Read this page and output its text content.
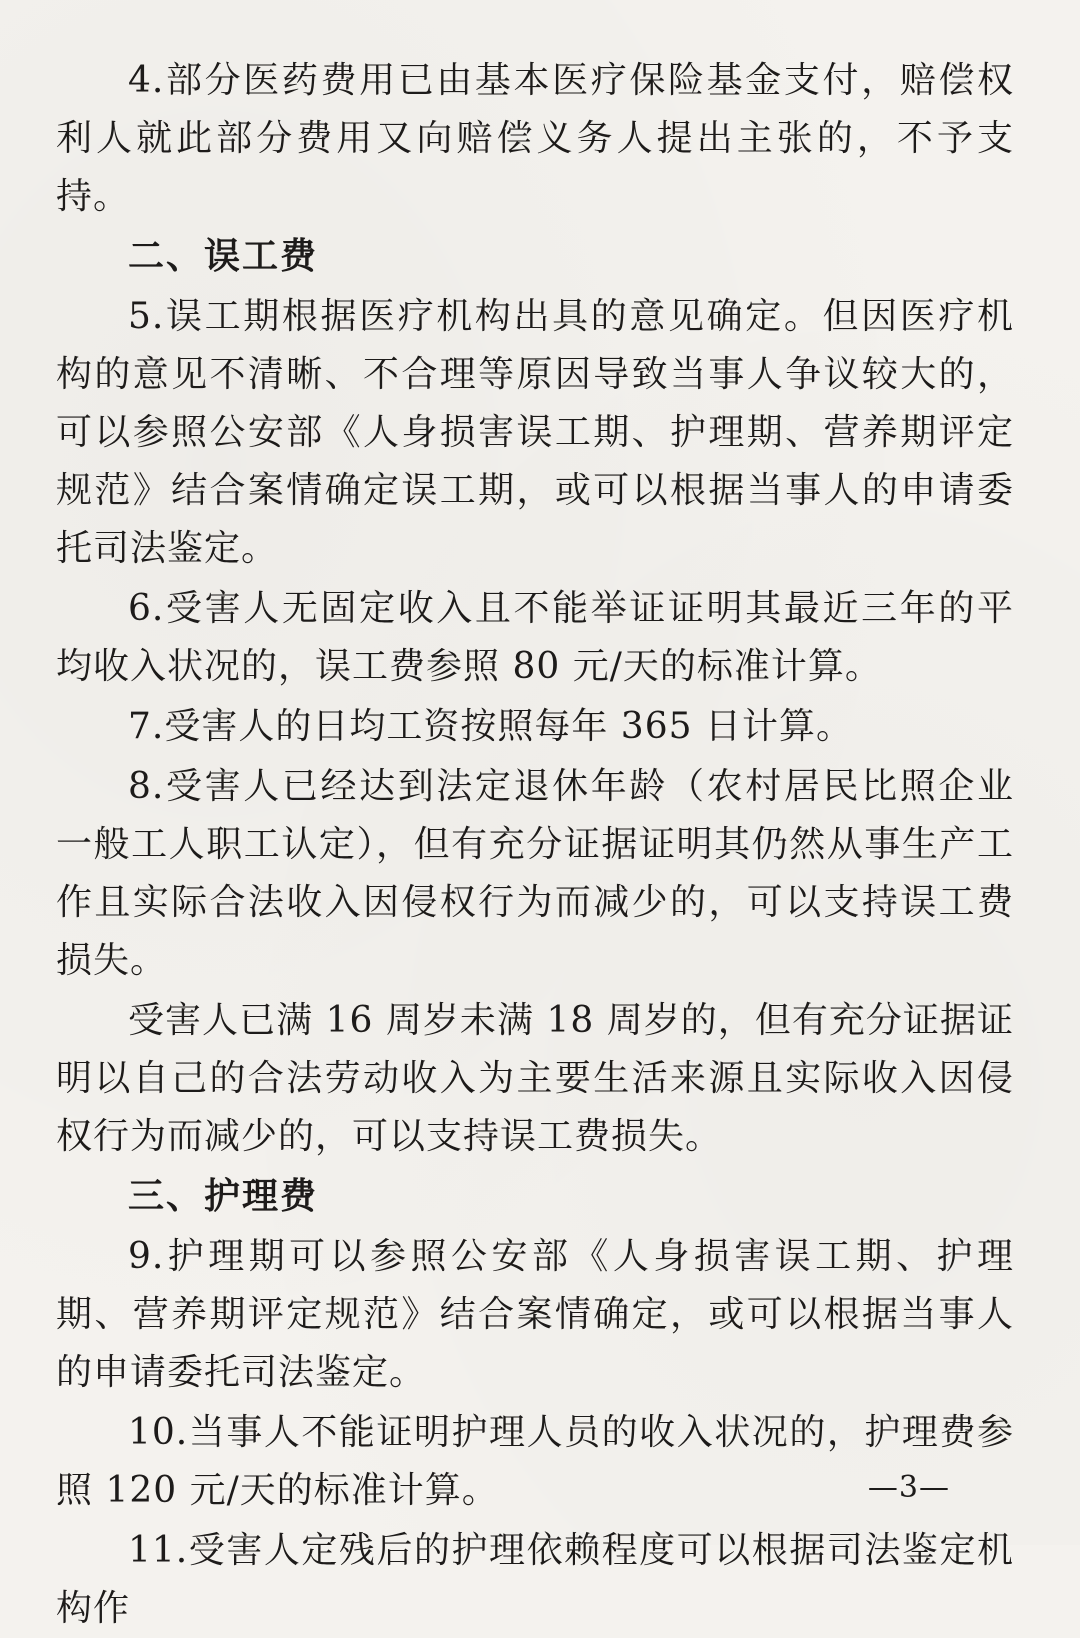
4.部分医药费用已由基本医疗保险基金支付，赔偿权利人就此部分费用又向赔偿义务人提出主张的，不予支持。

二、误工费

5.误工期根据医疗机构出具的意见确定。但因医疗机构的意见不清晰、不合理等原因导致当事人争议较大的，可以参照公安部《人身损害误工期、护理期、营养期评定规范》结合案情确定误工期，或可以根据当事人的申请委托司法鉴定。

6.受害人无固定收入且不能举证证明其最近三年的平均收入状况的，误工费参照 80 元/天的标准计算。

7.受害人的日均工资按照每年 365 日计算。

8.受害人已经达到法定退休年龄（农村居民比照企业一般工人职工认定），但有充分证据证明其仍然从事生产工作且实际合法收入因侵权行为而减少的，可以支持误工费损失。

受害人已满 16 周岁未满 18 周岁的，但有充分证据证明以自己的合法劳动收入为主要生活来源且实际收入因侵权行为而减少的，可以支持误工费损失。

三、护理费

9.护理期可以参照公安部《人身损害误工期、护理期、营养期评定规范》结合案情确定，或可以根据当事人的申请委托司法鉴定。

10.当事人不能证明护理人员的收入状况的，护理费参照 120 元/天的标准计算。

11.受害人定残后的护理依赖程度可以根据司法鉴定机构作

—3—
